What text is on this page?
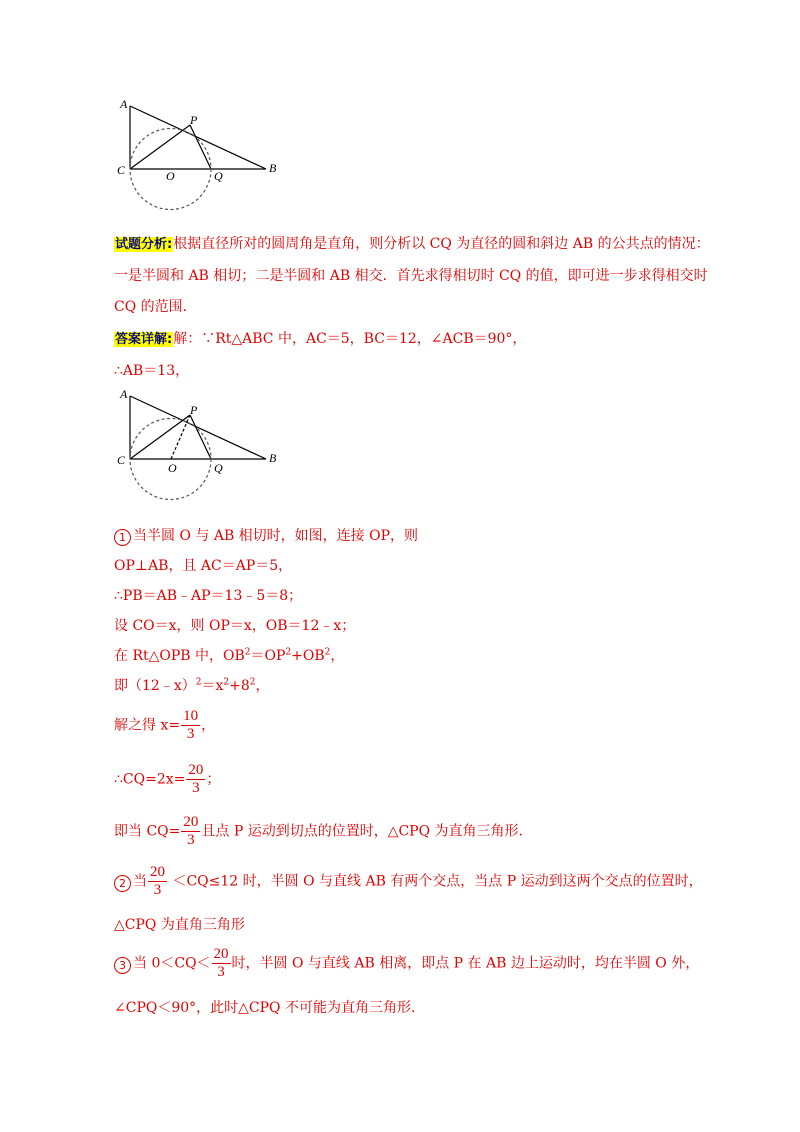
A
P
C	O	Q
B
试题分析:根据直径所对的圆周角是直角，则分析以 CQ 为直径的圆和斜边 AB 的公共点的情况：
一是半圆和 AB 相切；二是半圆和 AB 相交．首先求得相切时 CQ 的值，即可进一步求得相交时
CQ 的范围．
答案详解:解：∵Rt△ABC 中，AC＝5，BC＝12，∠ACB＝90°，
∴AB＝13，
A
P
C
O	Q
B
1 当半圆 O 与 AB 相切时，如图，连接 OP，则
OP⊥AB，且 AC＝AP＝5，
∴PB＝AB﹣AP＝13﹣5＝8；
设 CO＝x，则 OP＝x，OB＝12﹣x；
在 Rt△OPB 中，$OB^2=OP^2+OB^2$，
即$(12﹣x)^2=x^2+8^2$，
解之得 $x= \frac{10}{3}$ ，
∴CQ=2x= $\frac{20}{3}$ ；
即当 $CQ= \frac{20}{3}$ 且点 P 运动到切点的位置时，△CPQ 为直角三角形．
2 当 $\frac{20}{3} <CQ\le 12$ 时，半圆 O 与直线 AB 有两个交点，当点 P 运动到这两个交点的位置时，
△CPQ 为直角三角形
3 当 $0<CQ< \frac{20}{3}$ 时，半圆 O 与直线 AB 相离，即点 P 在 AB 边上运动时，均在半圆 O 外，
∠CPQ＜90°，此时△CPQ 不可能为直角三角形．
